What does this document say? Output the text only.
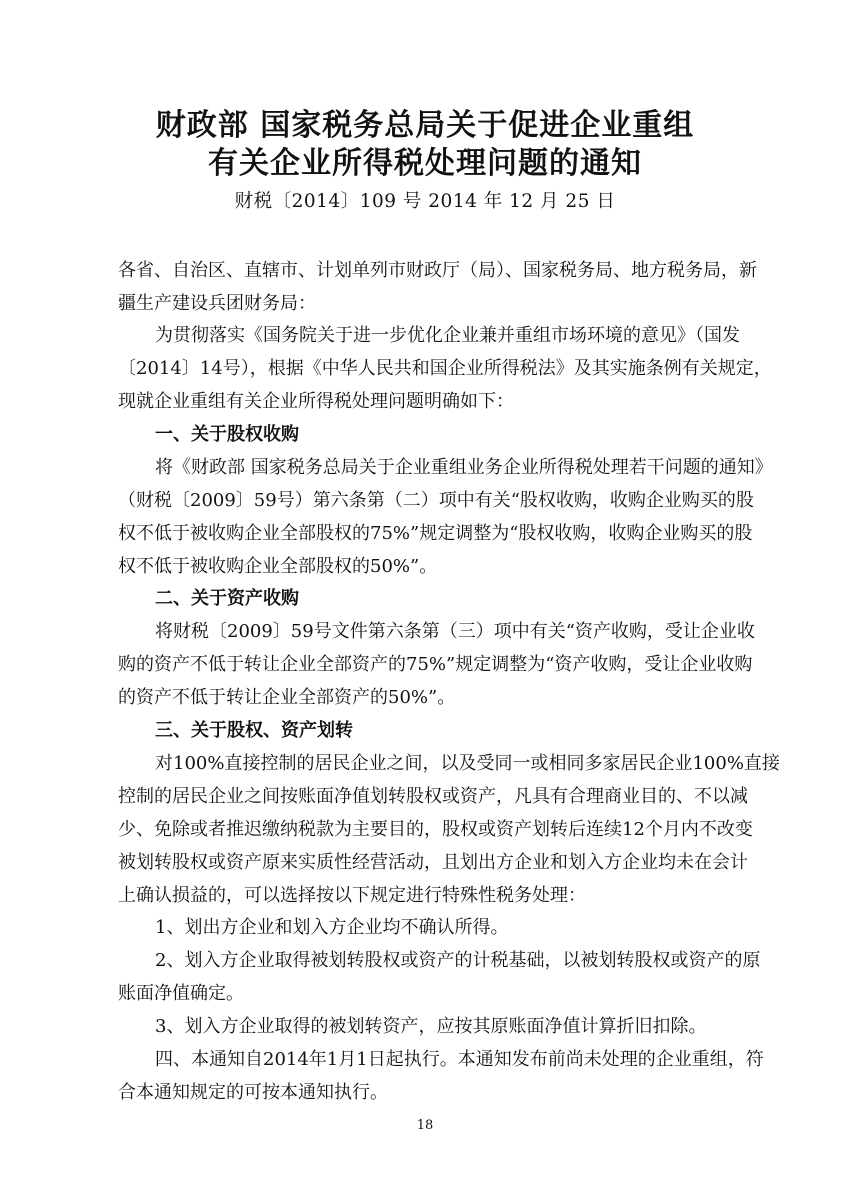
财政部 国家税务总局关于促进企业重组
有关企业所得税处理问题的通知
财税〔2014〕109 号 2014 年 12 月 25 日
各省、自治区、直辖市、计划单列市财政厅（局）、国家税务局、地方税务局，新
疆生产建设兵团财务局：
为贯彻落实《国务院关于进一步优化企业兼并重组市场环境的意见》（国发
〔2014〕14号），根据《中华人民共和国企业所得税法》及其实施条例有关规定，
现就企业重组有关企业所得税处理问题明确如下：
一、关于股权收购
将《财政部 国家税务总局关于企业重组业务企业所得税处理若干问题的通知》
（财税〔2009〕59号）第六条第（二）项中有关“股权收购，收购企业购买的股
权不低于被收购企业全部股权的75%”规定调整为“股权收购，收购企业购买的股
权不低于被收购企业全部股权的50%”。
二、关于资产收购
将财税〔2009〕59号文件第六条第（三）项中有关“资产收购，受让企业收
购的资产不低于转让企业全部资产的75%”规定调整为“资产收购，受让企业收购
的资产不低于转让企业全部资产的50%”。
三、关于股权、资产划转
对100%直接控制的居民企业之间，以及受同一或相同多家居民企业100%直接
控制的居民企业之间按账面净值划转股权或资产，凡具有合理商业目的、不以减
少、免除或者推迟缴纳税款为主要目的，股权或资产划转后连续12个月内不改变
被划转股权或资产原来实质性经营活动，且划出方企业和划入方企业均未在会计
上确认损益的，可以选择按以下规定进行特殊性税务处理：
1、划出方企业和划入方企业均不确认所得。
2、划入方企业取得被划转股权或资产的计税基础，以被划转股权或资产的原
账面净值确定。
3、划入方企业取得的被划转资产，应按其原账面净值计算折旧扣除。
四、本通知自2014年1月1日起执行。本通知发布前尚未处理的企业重组，符
合本通知规定的可按本通知执行。
18
